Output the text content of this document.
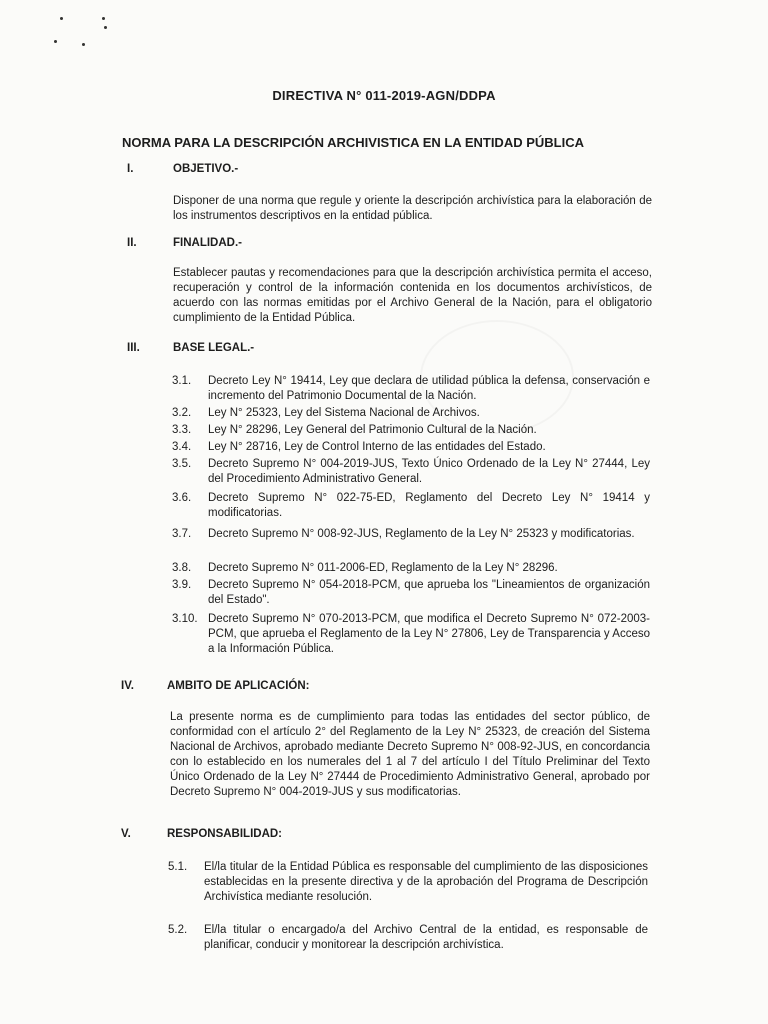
DIRECTIVA N° 011-2019-AGN/DDPA
NORMA PARA LA DESCRIPCIÓN ARCHIVISTICA EN LA ENTIDAD PÚBLICA
I.	OBJETIVO.-
Disponer de una norma que regule y oriente la descripción archivística para la elaboración de los instrumentos descriptivos en la entidad pública.
II.	FINALIDAD.-
Establecer pautas y recomendaciones para que la descripción archivística permita el acceso, recuperación y control de la información contenida en los documentos archivísticos, de acuerdo con las normas emitidas por el Archivo General de la Nación, para el obligatorio cumplimiento de la Entidad Pública.
III.	BASE LEGAL.-
3.1.	Decreto Ley N° 19414, Ley que declara de utilidad pública la defensa, conservación e incremento del Patrimonio Documental de la Nación.
3.2.	Ley N° 25323, Ley del Sistema Nacional de Archivos.
3.3.	Ley N° 28296, Ley General del Patrimonio Cultural de la Nación.
3.4.	Ley N° 28716, Ley de Control Interno de las entidades del Estado.
3.5.	Decreto Supremo N° 004-2019-JUS, Texto Único Ordenado de la Ley N° 27444, Ley del Procedimiento Administrativo General.
3.6.	Decreto Supremo N° 022-75-ED, Reglamento del Decreto Ley N° 19414 y modificatorias.
3.7.	Decreto Supremo N° 008-92-JUS, Reglamento de la Ley N° 25323 y modificatorias.
3.8.	Decreto Supremo N° 011-2006-ED, Reglamento de la Ley N° 28296.
3.9.	Decreto Supremo N° 054-2018-PCM, que aprueba los "Lineamientos de organización del Estado".
3.10. Decreto Supremo N° 070-2013-PCM, que modifica el Decreto Supremo N° 072-2003-PCM, que aprueba el Reglamento de la Ley N° 27806, Ley de Transparencia y Acceso a la Información Pública.
IV.	AMBITO DE APLICACIÓN:
La presente norma es de cumplimiento para todas las entidades del sector público, de conformidad con el artículo 2° del Reglamento de la Ley N° 25323, de creación del Sistema Nacional de Archivos, aprobado mediante Decreto Supremo N° 008-92-JUS, en concordancia con lo establecido en los numerales del 1 al 7 del artículo I del Título Preliminar del Texto Único Ordenado de la Ley N° 27444 de Procedimiento Administrativo General, aprobado por Decreto Supremo N° 004-2019-JUS y sus modificatorias.
V.	RESPONSABILIDAD:
5.1.	El/la titular de la Entidad Pública es responsable del cumplimiento de las disposiciones establecidas en la presente directiva y de la aprobación del Programa de Descripción Archivística mediante resolución.
5.2.	El/la titular o encargado/a del Archivo Central de la entidad, es responsable de planificar, conducir y monitorear la descripción archivística.
